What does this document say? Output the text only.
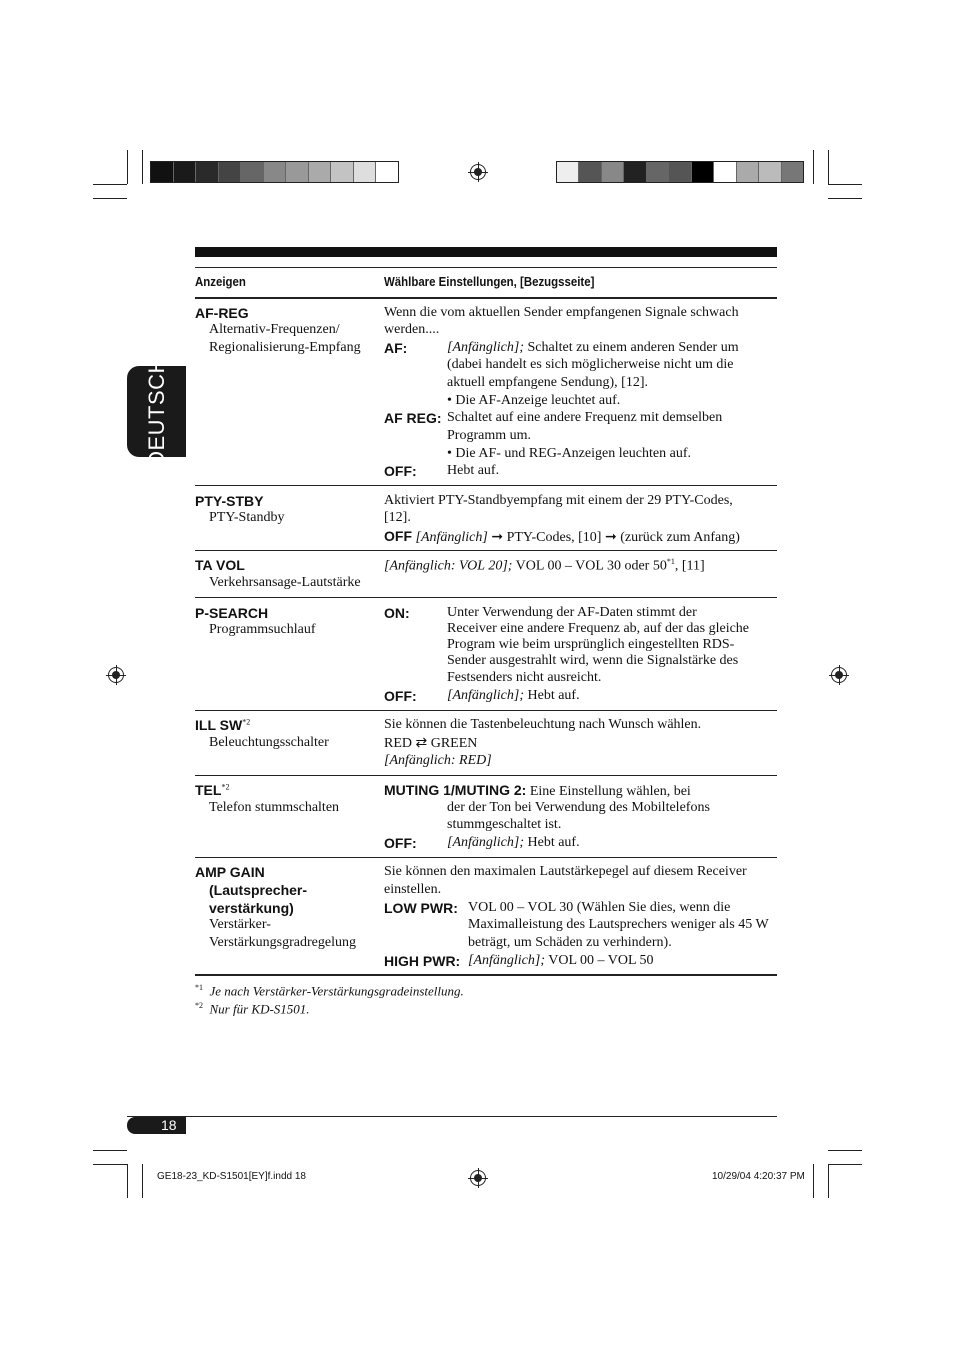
DEUTSCH
Anzeigen	Wählbare Einstellungen, [Bezugsseite]
AF-REG
Alternativ-Frequenzen/
Regionalisierung-Empfang
Wenn die vom aktuellen Sender empfangenen Signale schwach
werden....
AF:	[Anfänglich]; Schaltet zu einem anderen Sender um
(dabei handelt es sich möglicherweise nicht um die
aktuell empfangene Sendung), [12].
• Die AF-Anzeige leuchtet auf.
AF REG: Schaltet auf eine andere Frequenz mit demselben
Programm um.
• Die AF- und REG-Anzeigen leuchten auf.
OFF: Hebt auf.
PTY-STBY
PTY-Standby
Aktiviert PTY-Standbyempfang mit einem der 29 PTY-Codes,
[12].
OFF [Anfänglich] ➞ PTY-Codes, [10] ➞ (zurück zum Anfang)
TA VOL
Verkehrsansage-Lautstärke
[Anfänglich: VOL 20]; VOL 00 – VOL 30 oder 50$^{*1}$, [11]
P-SEARCH
Programmsuchlauf
ON:	Unter Verwendung der AF-Daten stimmt der
Receiver eine andere Frequenz ab, auf der das gleiche
Program wie beim ursprünglich eingestellten RDS-
Sender ausgestrahlt wird, wenn die Signalstärke des
Festsenders nicht ausreicht.
OFF: [Anfänglich]; Hebt auf.
ILL SW$^{*2}$
Beleuchtungsschalter
Sie können die Tastenbeleuchtung nach Wunsch wählen.
RED ⇄ GREEN
[Anfänglich: RED]
TEL$^{*2}$
Telefon stummschalten
MUTING 1/MUTING 2: Eine Einstellung wählen, bei
der der Ton bei Verwendung des Mobiltelefons
stummgeschaltet ist.
OFF: [Anfänglich]; Hebt auf.
AMP GAIN
(Lautsprecher-
verstärkung)
Verstärker-
Verstärkungsgradregelung
Sie können den maximalen Lautstärkepegel auf diesem Receiver
einstellen.
LOW PWR: VOL 00 – VOL 30 (Wählen Sie dies, wenn die
Maximalleistung des Lautsprechers weniger als 45 W
beträgt, um Schäden zu verhindern).
HIGH PWR: [Anfänglich]; VOL 00 – VOL 50
$^{*1}$ Je nach Verstärker-Verstärkungsgradeinstellung.
$^{*2}$ Nur für KD-S1501.
18
GE18-23_KD-S1501[EY]f.indd 18	10/29/04 4:20:37 PM
